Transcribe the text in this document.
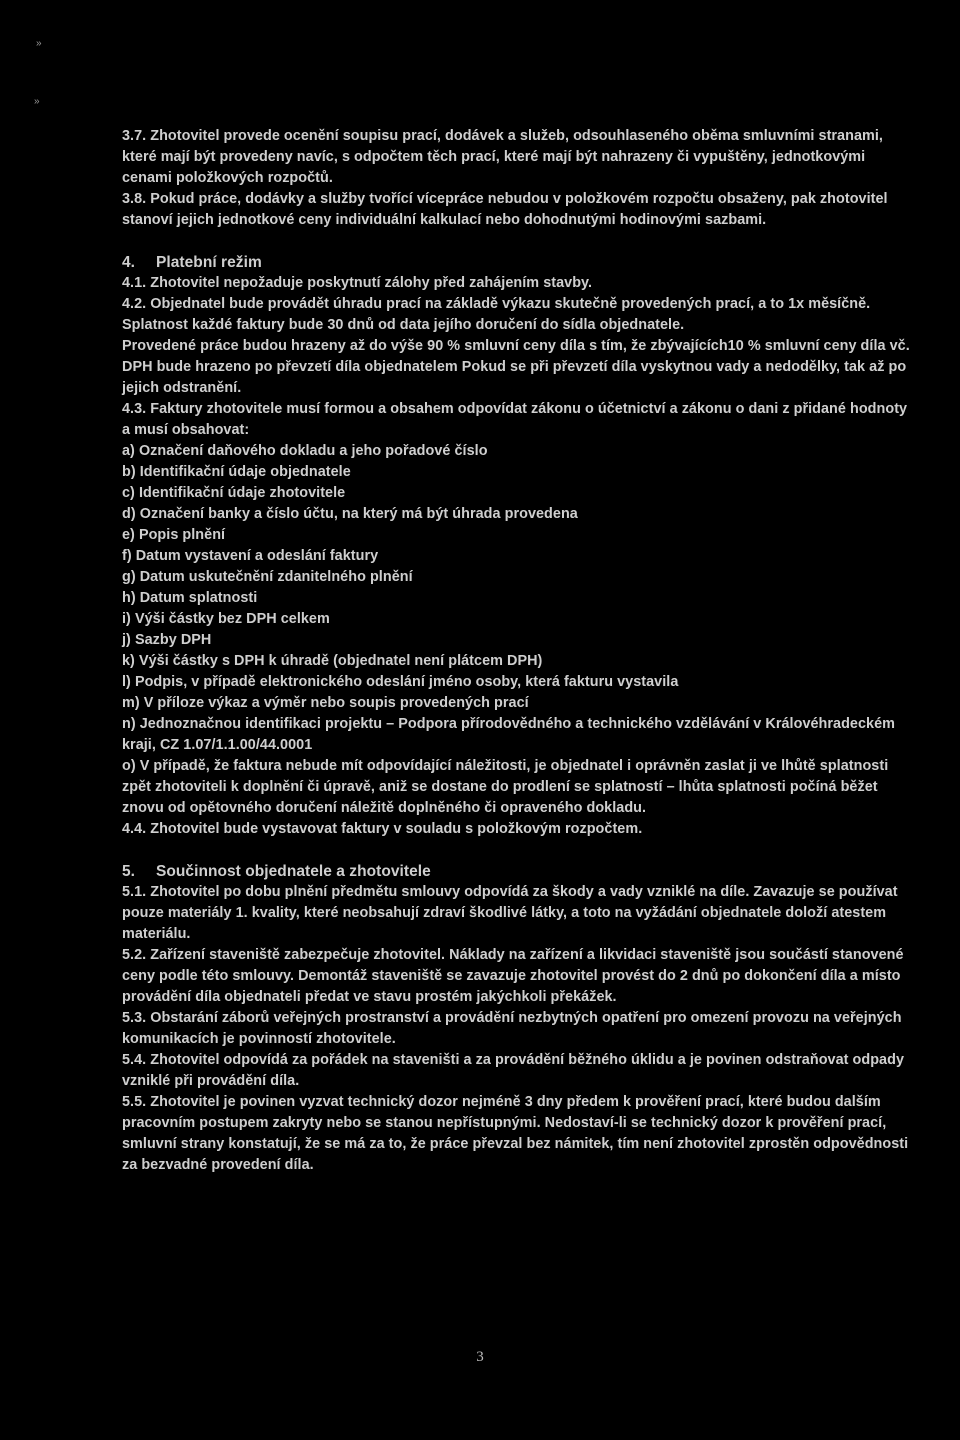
»
»

3.7. Zhotovitel provede ocenění soupisu prací, dodávek a služeb, odsouhlaseného oběma smluvními stranami, které mají být provedeny navíc, s odpočtem těch prací, které mají být nahrazeny či vypuštěny, jednotkovými cenami položkových rozpočtů.

3.8. Pokud práce, dodávky a služby tvořící vícepráce nebudou v položkovém rozpočtu obsaženy, pak zhotovitel stanoví jejich jednotkové ceny individuální kalkulací nebo dohodnutými hodinovými sazbami.

4. Platební režim

4.1. Zhotovitel nepožaduje poskytnutí zálohy před zahájením stavby.

4.2. Objednatel bude provádět úhradu prací na základě výkazu skutečně provedených prací, a to 1x měsíčně. Splatnost každé faktury bude 30 dnů od data jejího doručení do sídla objednatele.

Provedené práce budou hrazeny až do výše 90 % smluvní ceny díla s tím, že zbývajících10 % smluvní ceny díla vč. DPH bude hrazeno po převzetí díla objednatelem Pokud se při převzetí díla vyskytnou vady a nedodělky, tak až po jejich odstranění.

4.3. Faktury zhotovitele musí formou a obsahem odpovídat zákonu o účetnictví a zákonu o dani z přidané hodnoty a musí obsahovat:

a) Označení daňového dokladu a jeho pořadové číslo

b) Identifikační údaje objednatele

c) Identifikační údaje zhotovitele

d) Označení banky a číslo účtu, na který má být úhrada provedena

e) Popis plnění

f) Datum vystavení a odeslání faktury

g) Datum uskutečnění zdanitelného plnění

h) Datum splatnosti

i) Výši částky bez DPH celkem

j) Sazby DPH

k) Výši částky s DPH k úhradě (objednatel není plátcem DPH)

l) Podpis, v případě elektronického odeslání jméno osoby, která fakturu vystavila

m) V příloze výkaz a výměr nebo soupis provedených prací

n) Jednoznačnou identifikaci projektu – Podpora přírodovědného a technického vzdělávání v Královéhradeckém kraji, CZ 1.07/1.1.00/44.0001

o) V případě, že faktura nebude mít odpovídající náležitosti, je objednatel i oprávněn zaslat ji ve lhůtě splatnosti zpět zhotoviteli k doplnění či úpravě, aniž se dostane do prodlení se splatností – lhůta splatnosti počíná běžet znovu od opětovného doručení náležitě doplněného či opraveného dokladu.

4.4. Zhotovitel bude vystavovat faktury v souladu s položkovým rozpočtem.

5. Součinnost objednatele a zhotovitele

5.1. Zhotovitel po dobu plnění předmětu smlouvy odpovídá za škody a vady vzniklé na díle. Zavazuje se používat pouze materiály 1. kvality, které neobsahují zdraví škodlivé látky, a toto na vyžádání objednatele doloží atestem materiálu.

5.2. Zařízení staveniště zabezpečuje zhotovitel. Náklady na zařízení a likvidaci staveniště jsou součástí stanovené ceny podle této smlouvy. Demontáž staveniště se zavazuje zhotovitel provést do 2 dnů po dokončení díla a místo provádění díla objednateli předat ve stavu prostém jakýchkoli překážek.

5.3. Obstarání záborů veřejných prostranství a provádění nezbytných opatření pro omezení provozu na veřejných komunikacích je povinností zhotovitele.

5.4. Zhotovitel odpovídá za pořádek na staveništi a za provádění běžného úklidu a je povinen odstraňovat odpady vzniklé při provádění díla.

5.5. Zhotovitel je povinen vyzvat technický dozor nejméně 3 dny předem k prověření prací, které budou dalším pracovním postupem zakryty nebo se stanou nepřístupnými. Nedostaví-li se technický dozor k prověření prací, smluvní strany konstatují, že se má za to, že práce převzal bez námitek, tím není zhotovitel zprostěn odpovědnosti za bezvadné provedení díla.

3
